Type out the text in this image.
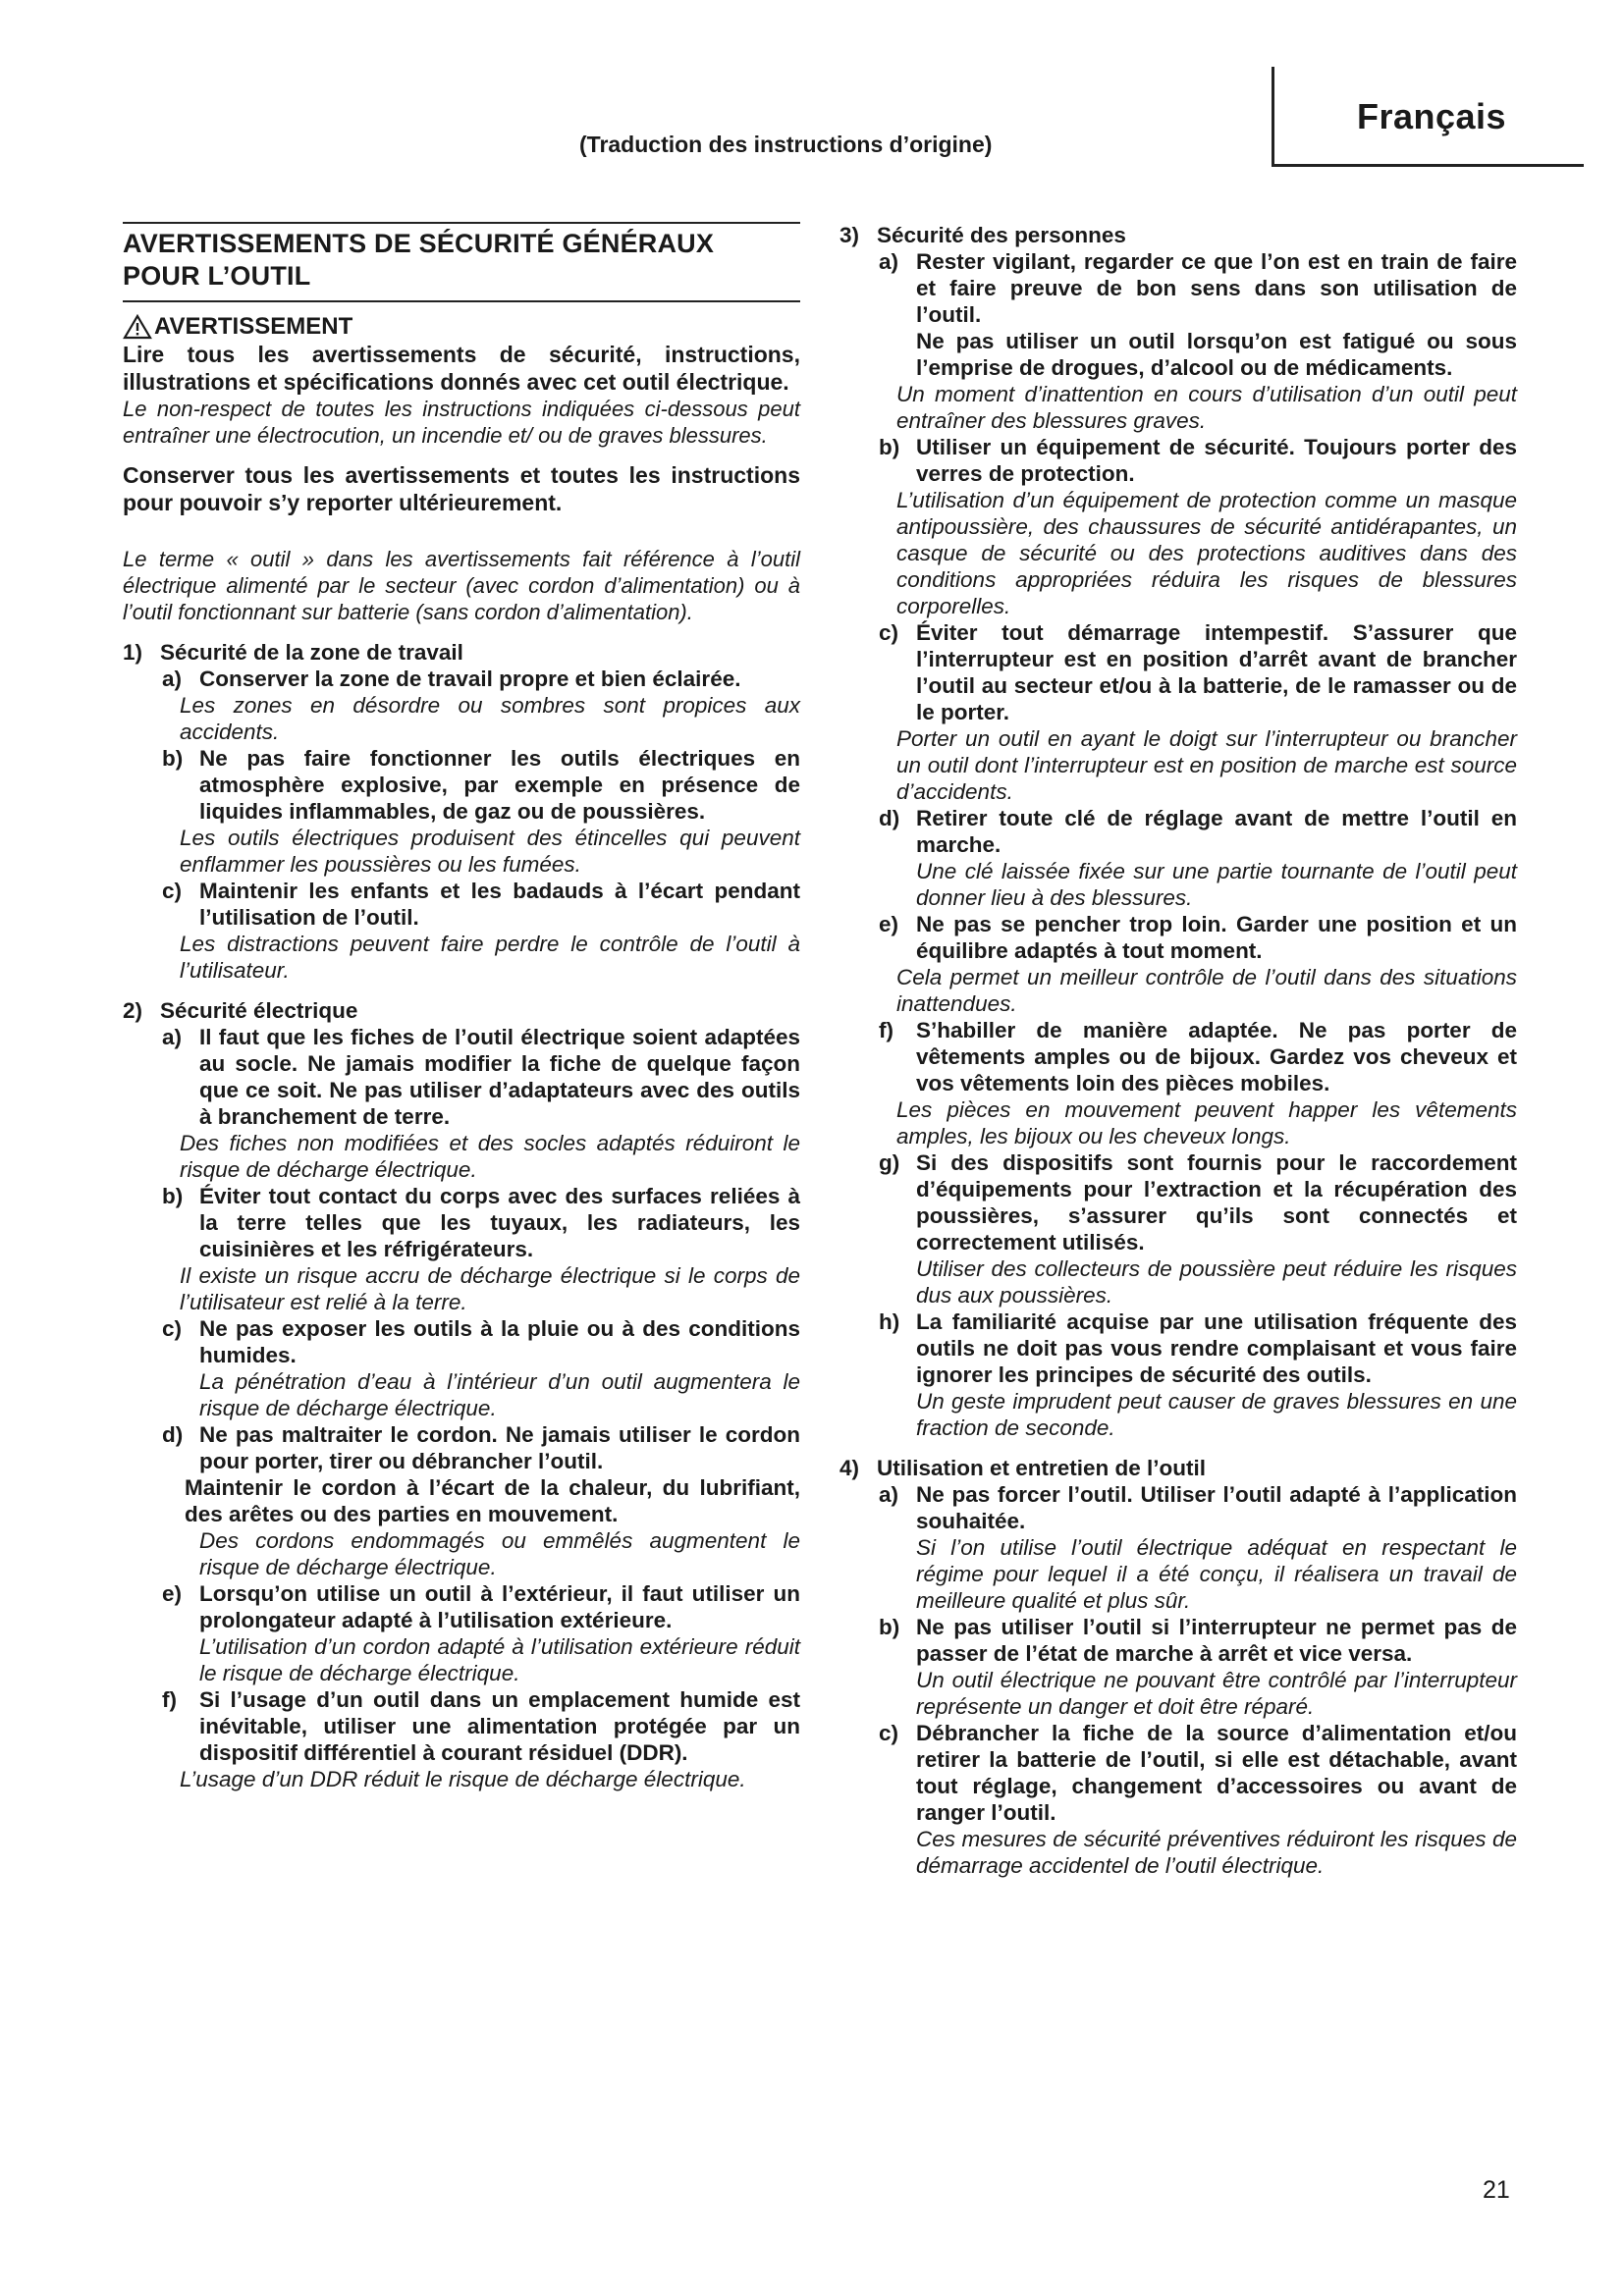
Français
(Traduction des instructions d’origine)
AVERTISSEMENTS DE SÉCURITÉ GÉNÉRAUX
POUR L’OUTIL
AVERTISSEMENT

Lire tous les avertissements de sécurité, instructions, illustrations et spécifications donnés avec cet outil électrique.

Le non-respect de toutes les instructions indiquées ci-dessous peut entraîner une électrocution, un incendie et/ ou de graves blessures.

Conserver tous les avertissements et toutes les instructions pour pouvoir s’y reporter ultérieurement.

Le terme « outil » dans les avertissements fait référence à l’outil électrique alimenté par le secteur (avec cordon d’alimentation) ou à l’outil fonctionnant sur batterie (sans cordon d’alimentation).

1) Sécurité de la zone de travail
a) Conserver la zone de travail propre et bien éclairée.

Les zones en désordre ou sombres sont propices aux accidents.

b) Ne pas faire fonctionner les outils électriques en atmosphère explosive, par exemple en présence de liquides inflammables, de gaz ou de poussières.

Les outils électriques produisent des étincelles qui peuvent enflammer les poussières ou les fumées.

c) Maintenir les enfants et les badauds à l’écart pendant l’utilisation de l’outil.

Les distractions peuvent faire perdre le contrôle de l’outil à l’utilisateur.

2) Sécurité électrique
a) Il faut que les fiches de l’outil électrique soient adaptées au socle. Ne jamais modifier la fiche de quelque façon que ce soit. Ne pas utiliser d’adaptateurs avec des outils à branchement de terre.

Des fiches non modifiées et des socles adaptés réduiront le risque de décharge électrique.

b) Éviter tout contact du corps avec des surfaces reliées à la terre telles que les tuyaux, les radiateurs, les cuisinières et les réfrigérateurs.

Il existe un risque accru de décharge électrique si le corps de l’utilisateur est relié à la terre.

c) Ne pas exposer les outils à la pluie ou à des conditions humides.

La pénétration d’eau à l’intérieur d’un outil augmentera le risque de décharge électrique.

d) Ne pas maltraiter le cordon. Ne jamais utiliser le cordon pour porter, tirer ou débrancher l’outil.

Maintenir le cordon à l’écart de la chaleur, du lubrifiant, des arêtes ou des parties en mouvement.

Des cordons endommagés ou emmêlés augmentent le risque de décharge électrique.

e) Lorsqu’on utilise un outil à l’extérieur, il faut utiliser un prolongateur adapté à l’utilisation extérieure.

L’utilisation d’un cordon adapté à l’utilisation extérieure réduit le risque de décharge électrique.

f)	Si l’usage d’un outil dans un emplacement humide est inévitable, utiliser une alimentation protégée par un dispositif différentiel à courant résiduel (DDR).

L’usage d’un DDR réduit le risque de décharge électrique.

3) Sécurité des personnes
a) Rester vigilant, regarder ce que l’on est en train de faire et faire preuve de bon sens dans son utilisation de l’outil.

Ne pas utiliser un outil lorsqu’on est fatigué ou sous l’emprise de drogues, d’alcool ou de médicaments.

Un moment d’inattention en cours d’utilisation d’un outil peut entraîner des blessures graves.

b) Utiliser un équipement de sécurité. Toujours porter des verres de protection.

L’utilisation d’un équipement de protection comme un masque antipoussière, des chaussures de sécurité antidérapantes, un casque de sécurité ou des protections auditives dans des conditions appropriées réduira les risques de blessures corporelles.

c) Éviter tout démarrage intempestif. S’assurer que l’interrupteur est en position d’arrêt avant de brancher l’outil au secteur et/ou à la batterie, de le ramasser ou de le porter.

Porter un outil en ayant le doigt sur l’interrupteur ou brancher un outil dont l’interrupteur est en position de marche est source d’accidents.

d) Retirer toute clé de réglage avant de mettre l’outil en marche.

Une clé laissée fixée sur une partie tournante de l’outil peut donner lieu à des blessures.

e) Ne pas se pencher trop loin. Garder une position et un équilibre adaptés à tout moment.

Cela permet un meilleur contrôle de l’outil dans des situations inattendues.

f)	S’habiller de manière adaptée. Ne pas porter de vêtements amples ou de bijoux. Gardez vos cheveux et vos vêtements loin des pièces mobiles.

Les pièces en mouvement peuvent happer les vêtements amples, les bijoux ou les cheveux longs.

g) Si des dispositifs sont fournis pour le raccordement d’équipements pour l’extraction et la récupération des poussières, s’assurer qu’ils sont connectés et correctement utilisés.

Utiliser des collecteurs de poussière peut réduire les risques dus aux poussières.

h) La familiarité acquise par une utilisation fréquente des outils ne doit pas vous rendre complaisant et vous faire ignorer les principes de sécurité des outils.

Un geste imprudent peut causer de graves blessures en une fraction de seconde.

4) Utilisation et entretien de l’outil
a) Ne pas forcer l’outil. Utiliser l’outil adapté à l’application souhaitée.

Si l’on utilise l’outil électrique adéquat en respectant le régime pour lequel il a été conçu, il réalisera un travail de meilleure qualité et plus sûr.

b) Ne pas utiliser l’outil si l’interrupteur ne permet pas de passer de l’état de marche à arrêt et vice versa.

Un outil électrique ne pouvant être contrôlé par l’interrupteur représente un danger et doit être réparé.

c) Débrancher la fiche de la source d’alimentation et/ou retirer la batterie de l’outil, si elle est détachable, avant tout réglage, changement d’accessoires ou avant de ranger l’outil.

Ces mesures de sécurité préventives réduiront les risques de démarrage accidentel de l’outil électrique.

21
